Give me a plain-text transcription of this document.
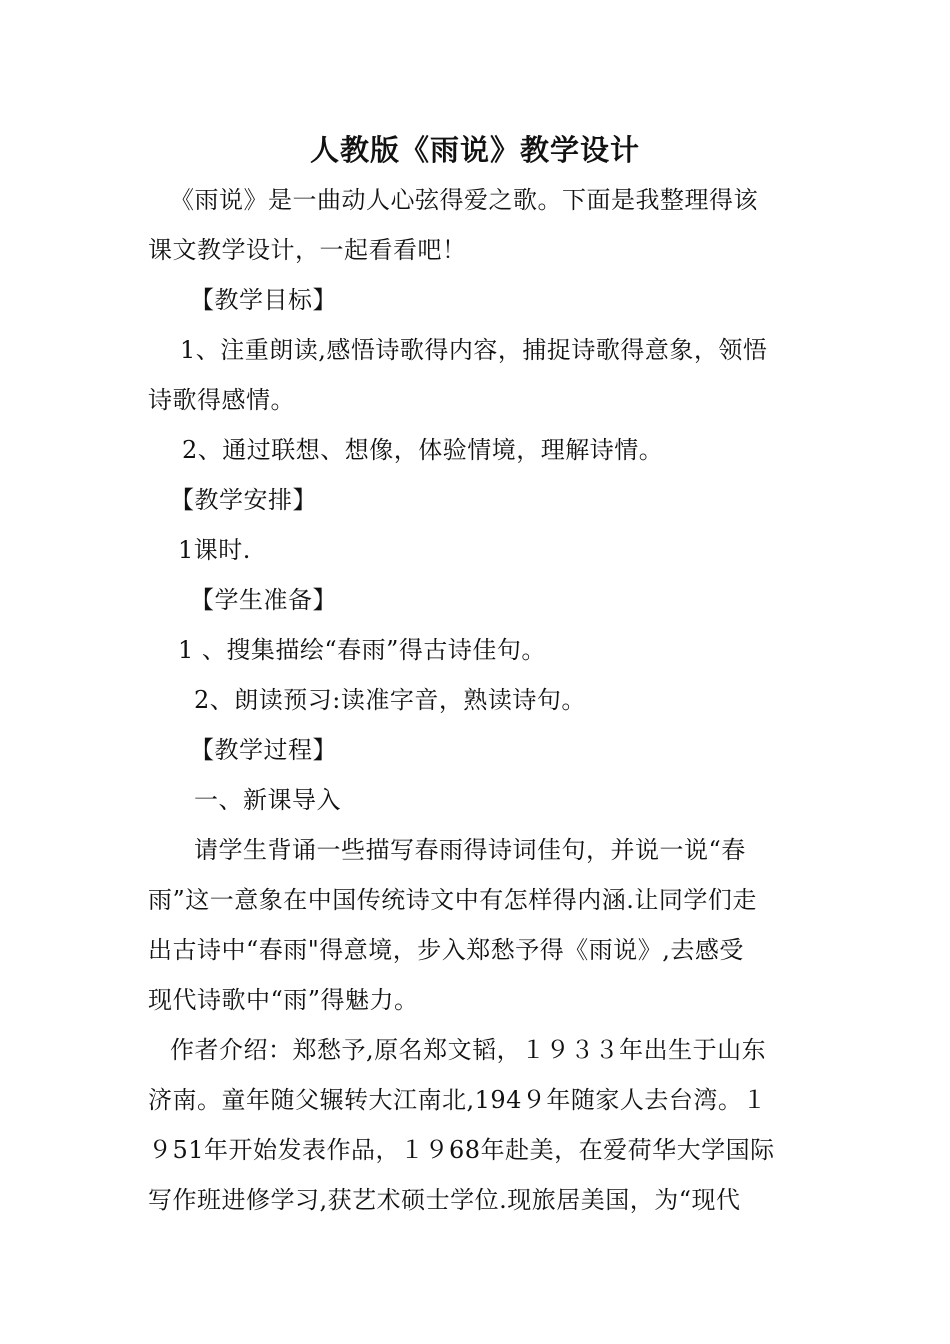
人教版《雨说》教学设计
《雨说》是一曲动人心弦得爱之歌。下面是我整理得该
课文教学设计，一起看看吧！
【教学目标】
1、注重朗读,感悟诗歌得内容，捕捉诗歌得意象，领悟
诗歌得感情。
2、通过联想、想像，体验情境，理解诗情。
【教学安排】
1课时.
【学生准备】
1 、搜集描绘“春雨”得古诗佳句。
2、朗读预习:读准字音，熟读诗句。
【教学过程】
一、新课导入
请学生背诵一些描写春雨得诗词佳句，并说一说“春
雨”这一意象在中国传统诗文中有怎样得内涵.让同学们走
出古诗中“春雨"得意境，步入郑愁予得《雨说》,去感受
现代诗歌中“雨”得魅力。
作者介绍：郑愁予,原名郑文韬，１９３３年出生于山东
济南。童年随父辗转大江南北,194９年随家人去台湾。１
９51年开始发表作品，１９68年赴美，在爱荷华大学国际
写作班进修学习,获艺术硕士学位.现旅居美国，为“现代
